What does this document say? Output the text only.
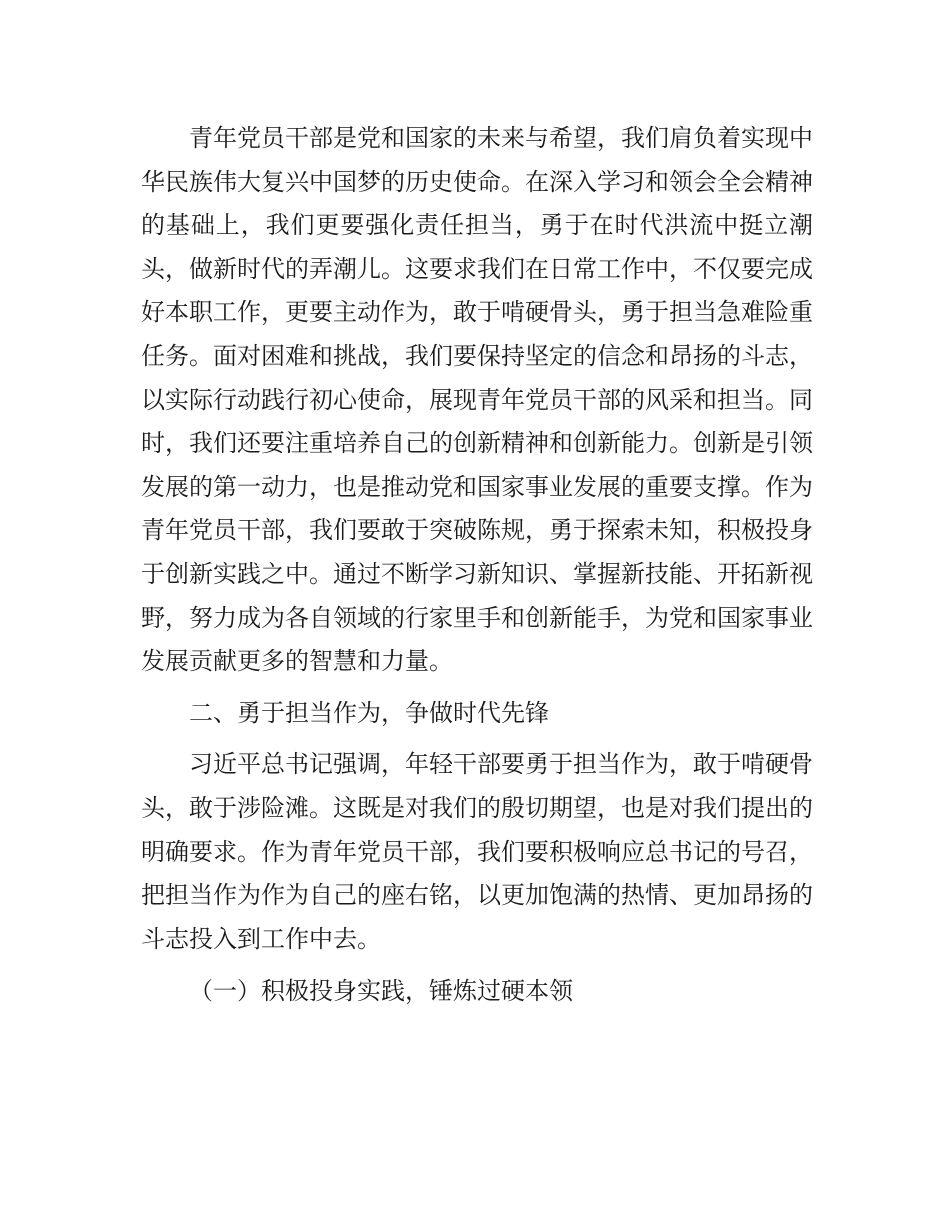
青年党员干部是党和国家的未来与希望，我们肩负着实现中华民族伟大复兴中国梦的历史使命。在深入学习和领会全会精神的基础上，我们更要强化责任担当，勇于在时代洪流中挺立潮头，做新时代的弄潮儿。这要求我们在日常工作中，不仅要完成好本职工作，更要主动作为，敢于啃硬骨头，勇于担当急难险重任务。面对困难和挑战，我们要保持坚定的信念和昂扬的斗志，以实际行动践行初心使命，展现青年党员干部的风采和担当。同时，我们还要注重培养自己的创新精神和创新能力。创新是引领发展的第一动力，也是推动党和国家事业发展的重要支撑。作为青年党员干部，我们要敢于突破陈规，勇于探索未知，积极投身于创新实践之中。通过不断学习新知识、掌握新技能、开拓新视野，努力成为各自领域的行家里手和创新能手，为党和国家事业发展贡献更多的智慧和力量。

二、勇于担当作为，争做时代先锋

习近平总书记强调，年轻干部要勇于担当作为，敢于啃硬骨头，敢于涉险滩。这既是对我们的殷切期望，也是对我们提出的明确要求。作为青年党员干部，我们要积极响应总书记的号召，把担当作为作为自己的座右铭，以更加饱满的热情、更加昂扬的斗志投入到工作中去。

（一）积极投身实践，锤炼过硬本领
